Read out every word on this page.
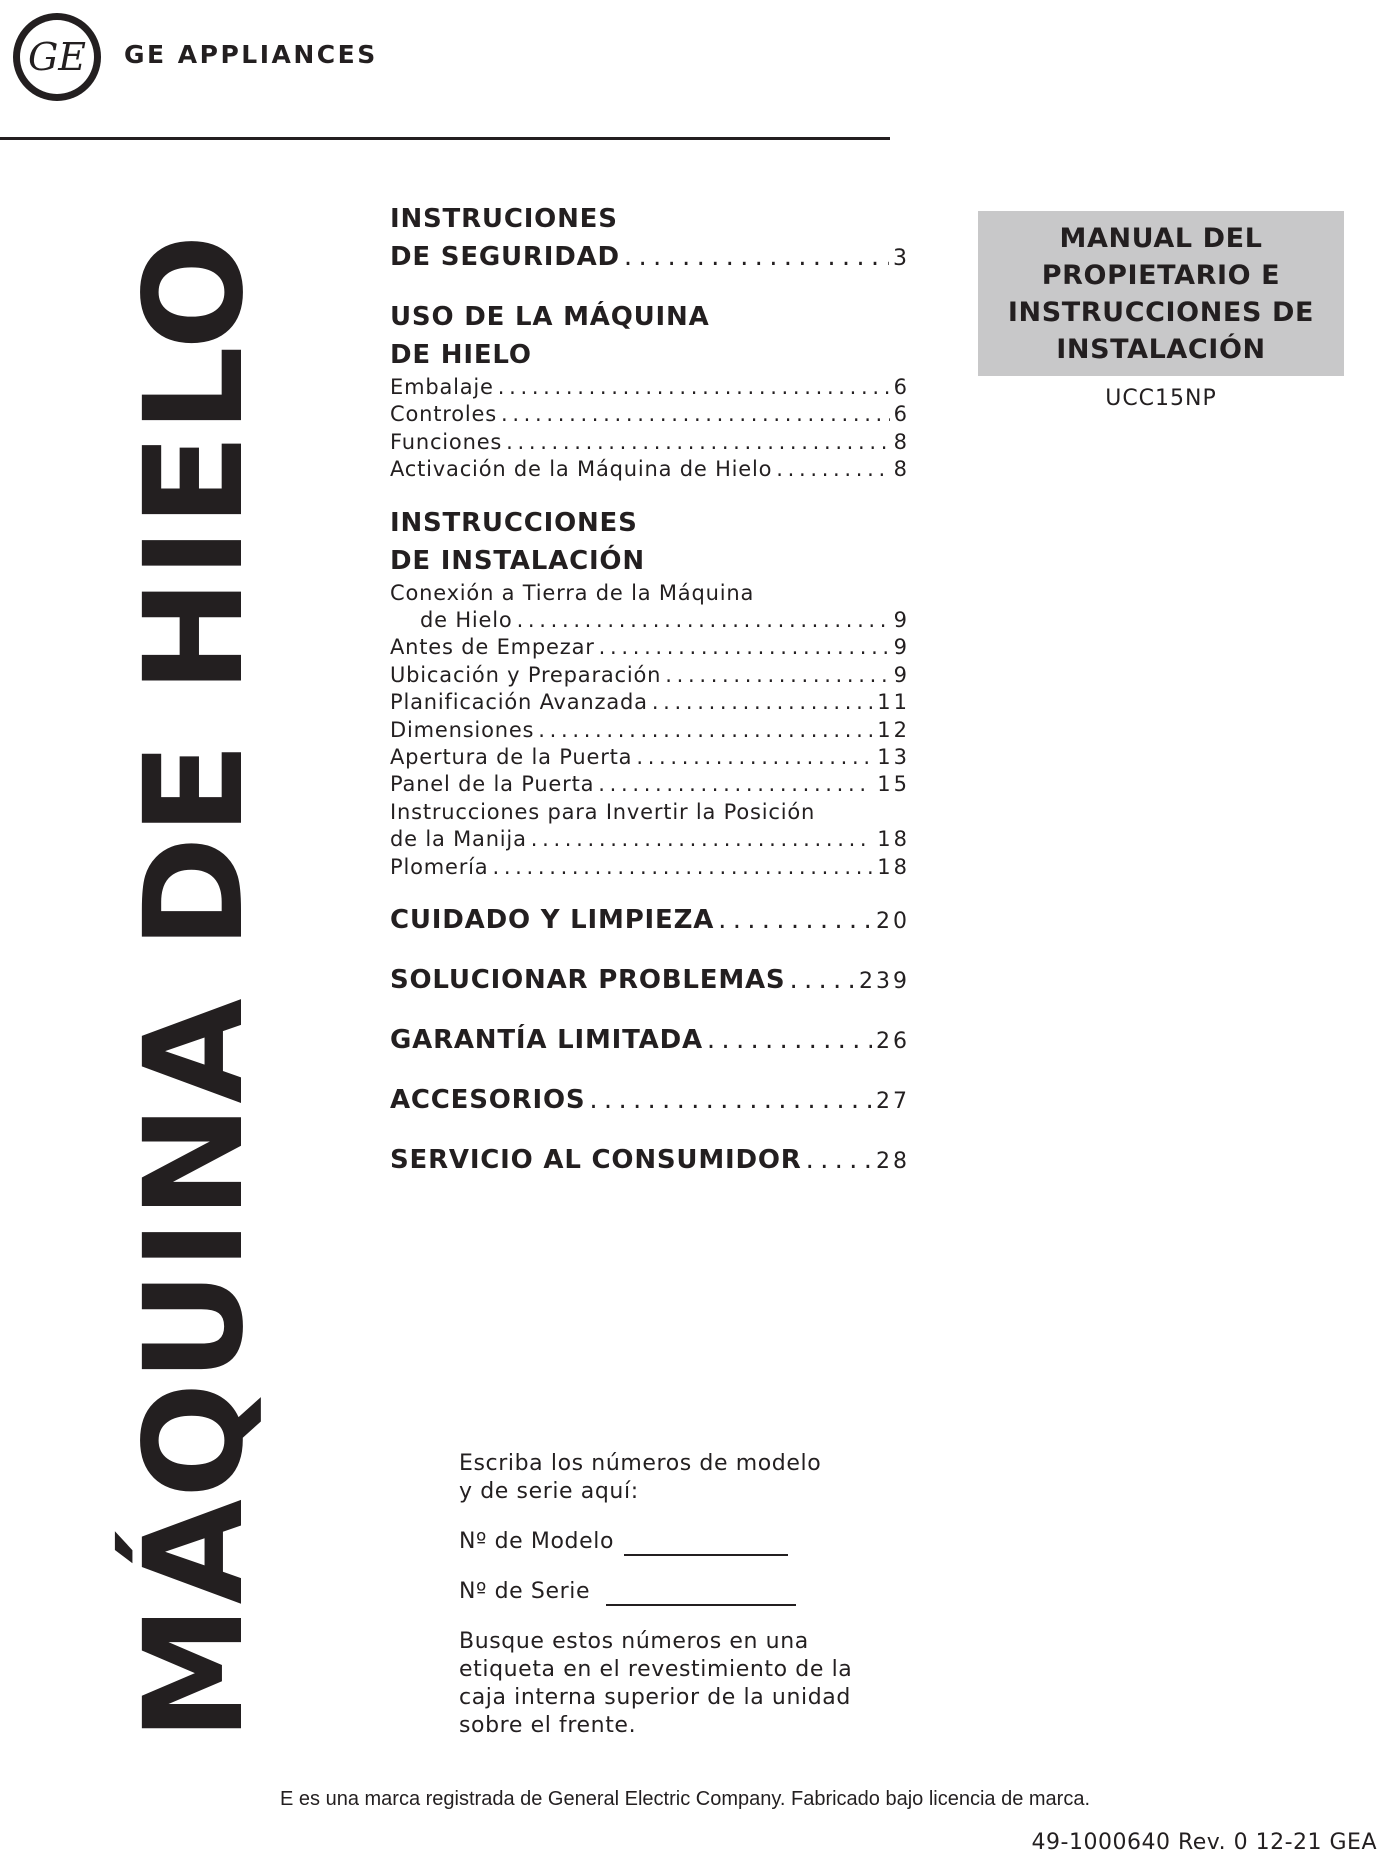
GE GE APPLIANCES
MÁQUINA DE HIELO
INSTRUCIONES
DE SEGURIDAD . . .	3
USO DE LA MÁQUINA
DE HIELO
Embalaje . . .	6
Controles . . .	6
Funciones . . .	8
Activación de la Máquina de Hielo . . .	8
INSTRUCCIONES
DE INSTALACIÓN
Conexión a Tierra de la Máquina
de Hielo . . .	9
Antes de Empezar . . .	9
Ubicación y Preparación . . .	9
Planificación Avanzada . . .	11
Dimensiones . . .	12
Apertura de la Puerta . . .	13
Panel de la Puerta . . .	15
Instrucciones para Invertir la Posición
de la Manija . . .	18
Plomería . . .	18
CUIDADO Y LIMPIEZA . . .	20
SOLUCIONAR PROBLEMAS . . .	239
GARANTÍA LIMITADA . . .	26
ACCESORIOS . . .	27
SERVICIO AL CONSUMIDOR . . .	28
MANUAL DEL
PROPIETARIO E
INSTRUCCIONES DE
INSTALACIÓN
UCC15NP

Escriba los números de modelo

y de serie aquí:

Nº de Modelo
Nº de Serie

Busque estos números en una

etiqueta en el revestimiento de la

caja interna superior de la unidad

sobre el frente.

E es una marca registrada de General Electric Company. Fabricado bajo licencia de marca.
49-1000640 Rev. 0 12-21 GEA
